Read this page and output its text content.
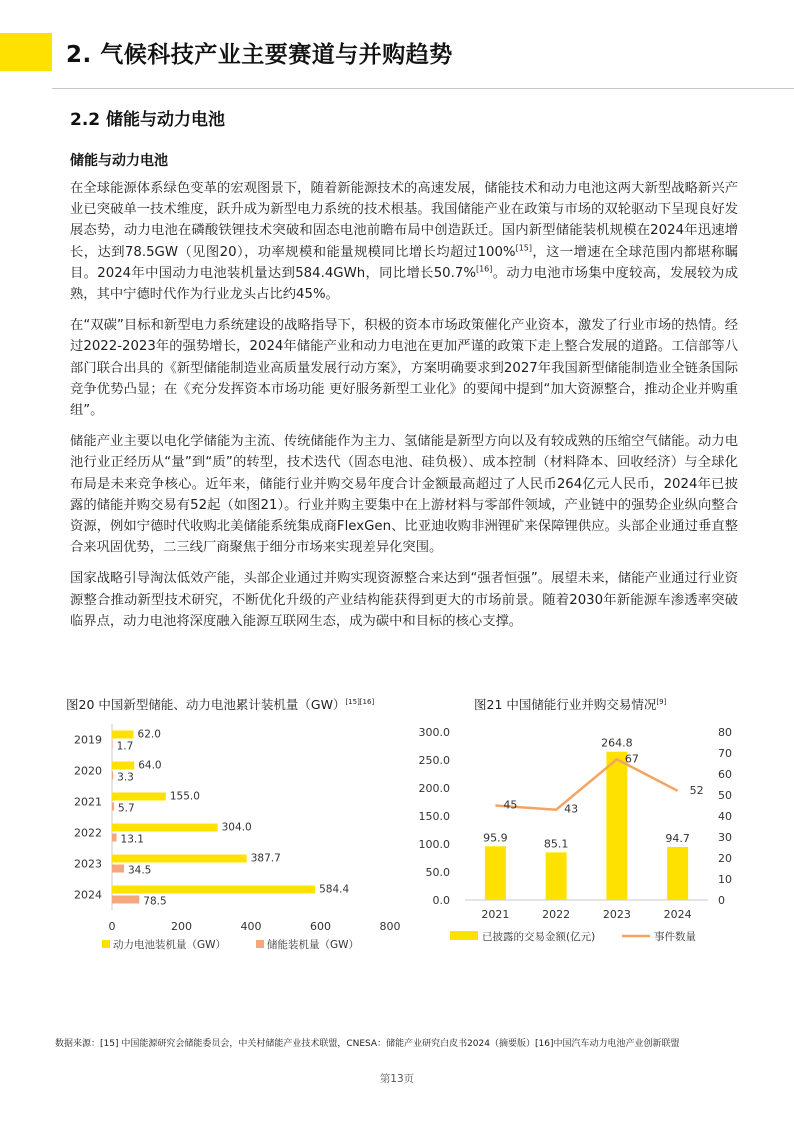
2. 气候科技产业主要赛道与并购趋势
2.2 储能与动力电池
储能与动力电池

在全球能源体系绿色变革的宏观图景下，随着新能源技术的高速发展，储能技术和动力电池这两大新型战略新兴产业已突破单一技术维度，跃升成为新型电力系统的技术根基。我国储能产业在政策与市场的双轮驱动下呈现良好发展态势，动力电池在磷酸铁锂技术突破和固态电池前瞻布局中创造跃迁。国内新型储能装机规模在2024年迅速增长，达到78.5GW（见图20），功率规模和能量规模同比增长均超过100%[15]，这一增速在全球范围内都堪称瞩目。2024年中国动力电池装机量达到584.4GWh，同比增长50.7%[16]。动力电池市场集中度较高，发展较为成熟，其中宁德时代作为行业龙头占比约45%。

在“双碳”目标和新型电力系统建设的战略指导下，积极的资本市场政策催化产业资本，激发了行业市场的热情。经过2022-2023年的强势增长，2024年储能产业和动力电池在更加严谨的政策下走上整合发展的道路。工信部等八部门联合出具的《新型储能制造业高质量发展行动方案》，方案明确要求到2027年我国新型储能制造业全链条国际竞争优势凸显；在《充分发挥资本市场功能 更好服务新型工业化》的要闻中提到“加大资源整合，推动企业并购重组”。

储能产业主要以电化学储能为主流、传统储能作为主力、氢储能是新型方向以及有较成熟的压缩空气储能。动力电池行业正经历从“量”到“质”的转型，技术迭代（固态电池、硅负极）、成本控制（材料降本、回收经济）与全球化布局是未来竞争核心。近年来，储能行业并购交易年度合计金额最高超过了人民币264亿元人民币，2024年已披露的储能并购交易有52起（如图21）。行业并购主要集中在上游材料与零部件领域，产业链中的强势企业纵向整合资源，例如宁德时代收购北美储能系统集成商FlexGen、比亚迪收购非洲锂矿来保障锂供应。头部企业通过垂直整合来巩固优势，二三线厂商聚焦于细分市场来实现差异化突围。

国家战略引导淘汰低效产能，头部企业通过并购实现资源整合来达到“强者恒强”。展望未来，储能产业通过行业资源整合推动新型技术研究，不断优化升级的产业结构能获得到更大的市场前景。随着2030年新能源车渗透率突破临界点，动力电池将深度融入能源互联网生态，成为碳中和目标的核心支撑。

图20 中国新型储能、动力电池累计装机量（GW）[15][16]
2019	62.0
1.7
2020	64.0
3.3
2021	155.0
5.7
2022	304.0
13.1
2023	387.7
34.5
2024	584.4
78.5
0	200	400	600	800
动力电池装机量（GW）	储能装机量（GW）
图21 中国储能行业并购交易情况[9]
0.0
50.0
100.0
150.0
200.0
250.0
300.0
0
10
20
30
40
50
60
70
80
95.9
2021
85.1
2022
264.8
2023
94.7
2024
45	43
67
52
已披露的交易金额(亿元)	事件数量
数据来源：[15] 中国能源研究会储能委员会，中关村储能产业技术联盟，CNESA：储能产业研究白皮书2024（摘要版）[16]中国汽车动力电池产业创新联盟
第13页
